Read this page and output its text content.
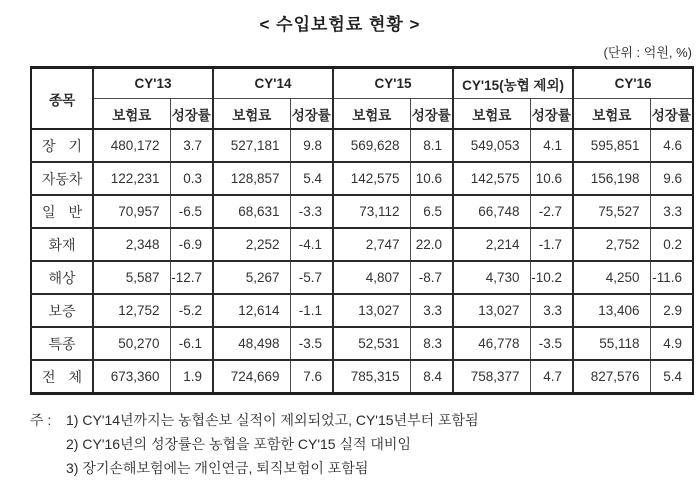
< 수입보험료 현황 >
(단위 : 억원, %)
종목	CY'13		CY'14		CY'15		CY'15(농협 제외)		CY'16	
	보험료	성장률	보험료	성장률	보험료	성장률	보험료	성장률	보험료	성장률
장 기	480,172	3.7	527,181	9.8	569,628	8.1	549,053	4.1	595,851	4.6
자동차	122,231	0.3	128,857	5.4	142,575	10.6	142,575	10.6	156,198	9.6
일 반	70,957	-6.5	68,631	-3.3	73,112	6.5	66,748	-2.7	75,527	3.3
화재	2,348	-6.9	2,252	-4.1	2,747	22.0	2,214	-1.7	2,752	0.2
해상	5,587	-12.7	5,267	-5.7	4,807	-8.7	4,730	-10.2	4,250	-11.6
보증	12,752	-5.2	12,614	-1.1	13,027	3.3	13,027	3.3	13,406	2.9
특종	50,270	-6.1	48,498	-3.5	52,531	8.3	46,778	-3.5	55,118	4.9
전 체	673,360	1.9	724,669	7.6	785,315	8.4	758,377	4.7	827,576	5.4
주 :	1) CY'14년까지는 농협손보 실적이 제외되었고, CY'15년부터 포함됨
2) CY'16년의 성장률은 농협을 포함한 CY'15 실적 대비임
3) 장기손해보험에는 개인연금, 퇴직보험이 포함됨
